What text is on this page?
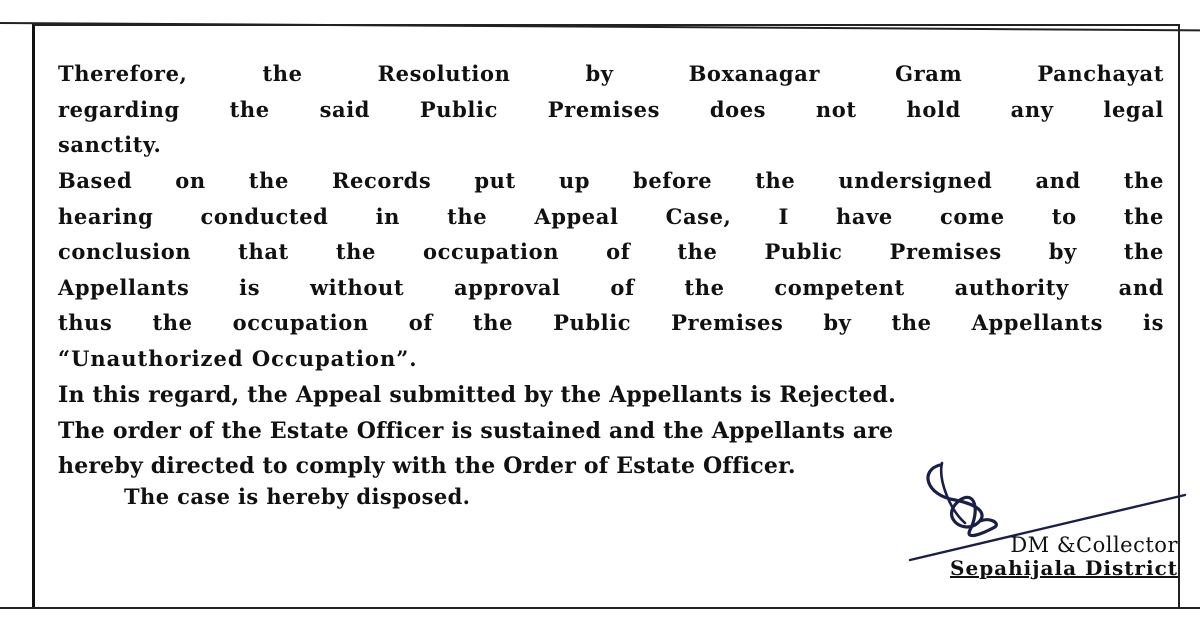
Therefore, the Resolution by Boxanagar Gram Panchayat
regarding the said Public Premises does not hold any legal
sanctity.
Based on the Records put up before the undersigned and the
hearing conducted in the Appeal Case, I have come to the
conclusion that the occupation of the Public Premises by the
Appellants is without approval of the competent authority and
thus the occupation of the Public Premises by the Appellants is
“Unauthorized Occupation”.
In this regard, the Appeal submitted by the Appellants is Rejected.
The order of the Estate Officer is sustained and the Appellants are
hereby directed to comply with the Order of Estate Officer.
The case is hereby disposed.
DM &Collector
Sepahijala District
